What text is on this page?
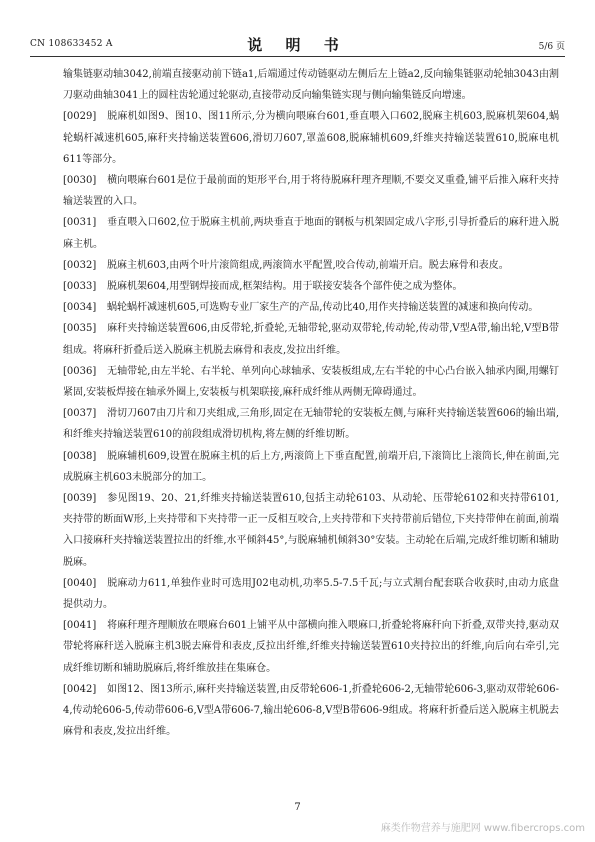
CN 108633452 A	说 明 书	5/6 页

输集链驱动轴3042,前端直接驱动前下链a1,后端通过传动链驱动左侧后左上链a2,反向输集链驱动轮轴3043由割刀驱动曲轴3041上的圆柱齿轮通过轮驱动,直接带动反向输集链实现与侧向输集链反向增速。

[0029] 脱麻机如图9、图10、图11所示,分为横向喂麻台601,垂直喂入口602,脱麻主机603,脱麻机架604,蜗轮蜗杆减速机605,麻秆夹持输送装置606,滑切刀607,罩盖608,脱麻辅机609,纤维夹持输送装置610,脱麻电机611等部分。

[0030] 横向喂麻台601是位于最前面的矩形平台,用于将待脱麻秆理齐理顺,不要交叉重叠,铺平后推入麻秆夹持输送装置的入口。

[0031] 垂直喂入口602,位于脱麻主机前,两块垂直于地面的钢板与机架固定成八字形,引导折叠后的麻秆进入脱麻主机。

[0032] 脱麻主机603,由两个叶片滚筒组成,两滚筒水平配置,咬合传动,前端开启。脱去麻骨和表皮。

[0033] 脱麻机架604,用型钢焊接而成,框架结构。用于联接安装各个部件使之成为整体。

[0034] 蜗轮蜗杆减速机605,可选购专业厂家生产的产品,传动比40,用作夹持输送装置的减速和换向传动。

[0035] 麻秆夹持输送装置606,由反带轮,折叠轮,无轴带轮,驱动双带轮,传动轮,传动带,V型A带,输出轮,V型B带组成。将麻秆折叠后送入脱麻主机脱去麻骨和表皮,发拉出纤维。

[0036] 无轴带轮,由左半轮、右半轮、单列向心球轴承、安装板组成,左右半轮的中心凸台嵌入轴承内圈,用螺钉紧固,安装板焊接在轴承外圈上,安装板与机架联接,麻秆成纤维从两侧无障碍通过。

[0037] 滑切刀607由刀片和刀夹组成,三角形,固定在无轴带轮的安装板左侧,与麻秆夹持输送装置606的输出端,和纤维夹持输送装置610的前段组成滑切机构,将左侧的纤维切断。

[0038] 脱麻辅机609,设置在脱麻主机的后上方,两滚筒上下垂直配置,前端开启,下滚筒比上滚筒长,伸在前面,完成脱麻主机603未脱部分的加工。

[0039] 参见图19、20、21,纤维夹持输送装置610,包括主动轮6103、从动轮、压带轮6102和夹持带6101,夹持带的断面W形,上夹持带和下夹持带一正一反相互咬合,上夹持带和下夹持带前后错位,下夹持带伸在前面,前端入口接麻秆夹持输送装置拉出的纤维,水平倾斜45°,与脱麻辅机倾斜30°安装。主动轮在后端,完成纤维切断和辅助脱麻。

[0040] 脱麻动力611,单独作业时可选用J02电动机,功率5.5-7.5千瓦;与立式割台配套联合收获时,由动力底盘提供动力。

[0041] 将麻秆理齐理顺放在喂麻台601上铺平从中部横向推入喂麻口,折叠轮将麻秆向下折叠,双带夹持,驱动双带轮将麻秆送入脱麻主机3脱去麻骨和表皮,反拉出纤维,纤维夹持输送装置610夹持拉出的纤维,向后向右牵引,完成纤维切断和辅助脱麻后,将纤维放挂在集麻仓。

[0042] 如图12、图13所示,麻秆夹持输送装置,由反带轮606-1,折叠轮606-2,无轴带轮606-3,驱动双带轮606-4,传动轮606-5,传动带606-6,V型A带606-7,输出轮606-8,V型B带606-9组成。将麻秆折叠后送入脱麻主机脱去麻骨和表皮,发拉出纤维。

7
麻类作物营养与施肥网 www.fibercrops.com
